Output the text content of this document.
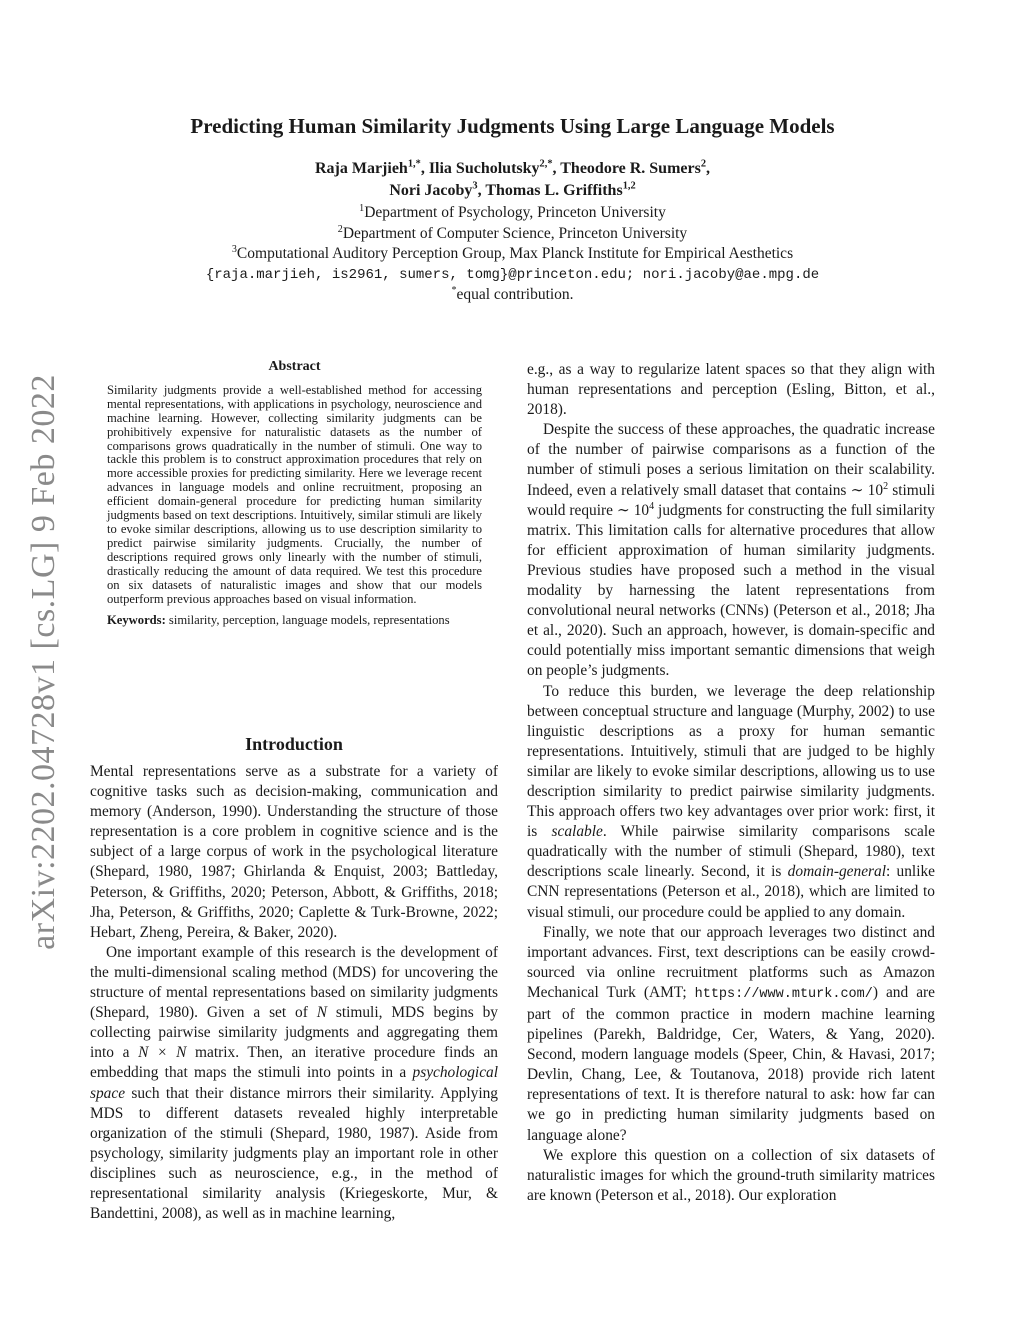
arXiv:2202.04728v1 [cs.LG] 9 Feb 2022
Predicting Human Similarity Judgments Using Large Language Models
Raja Marjieh$^{1,*}$, Ilia Sucholutsky$^{2,*}$, Theodore R. Sumers$^2$,
Nori Jacoby$^3$, Thomas L. Griffiths$^{1,2}$
$^1$Department of Psychology, Princeton University
$^2$Department of Computer Science, Princeton University
$^3$Computational Auditory Perception Group, Max Planck Institute for Empirical Aesthetics
{raja.marjieh, is2961, sumers, tomg}@princeton.edu; nori.jacoby@ae.mpg.de
*equal contribution.
Abstract

Similarity judgments provide a well-established method for accessing mental representations, with applications in psychology, neuroscience and machine learning. However, collecting similarity judgments can be prohibitively expensive for naturalistic datasets as the number of comparisons grows quadratically in the number of stimuli. One way to tackle this problem is to construct approximation procedures that rely on more accessible proxies for predicting similarity. Here we leverage recent advances in language models and online recruitment, proposing an efficient domain-general procedure for predicting human similarity judgments based on text descriptions. Intuitively, similar stimuli are likely to evoke similar descriptions, allowing us to use description similarity to predict pairwise similarity judgments. Crucially, the number of descriptions required grows only linearly with the number of stimuli, drastically reducing the amount of data required. We test this procedure on six datasets of naturalistic images and show that our models outperform previous approaches based on visual information.

Keywords: similarity, perception, language models, representations

Introduction

Mental representations serve as a substrate for a variety of cognitive tasks such as decision-making, communication and memory (Anderson, 1990). Understanding the structure of those representation is a core problem in cognitive science and is the subject of a large corpus of work in the psychological literature (Shepard, 1980, 1987; Ghirlanda & Enquist, 2003; Battleday, Peterson, & Griffiths, 2020; Peterson, Abbott, & Griffiths, 2018; Jha, Peterson, & Griffiths, 2020; Caplette & Turk-Browne, 2022; Hebart, Zheng, Pereira, & Baker, 2020).

One important example of this research is the development of the multi-dimensional scaling method (MDS) for uncovering the structure of mental representations based on similarity judgments (Shepard, 1980). Given a set of N stimuli, MDS begins by collecting pairwise similarity judgments and aggregating them into a N × N matrix. Then, an iterative procedure finds an embedding that maps the stimuli into points in a psychological space such that their distance mirrors their similarity. Applying MDS to different datasets revealed highly interpretable organization of the stimuli (Shepard, 1980, 1987). Aside from psychology, similarity judgments play an important role in other disciplines such as neuroscience, e.g., in the method of representational similarity analysis (Kriegeskorte, Mur, & Bandettini, 2008), as well as in machine learning,

e.g., as a way to regularize latent spaces so that they align with human representations and perception (Esling, Bitton, et al., 2018).

Despite the success of these approaches, the quadratic increase of the number of pairwise comparisons as a function of the number of stimuli poses a serious limitation on their scalability. Indeed, even a relatively small dataset that contains ∼ $10^2$ stimuli would require ∼ $10^4$ judgments for constructing the full similarity matrix. This limitation calls for alternative procedures that allow for efficient approximation of human similarity judgments. Previous studies have proposed such a method in the visual modality by harnessing the latent representations from convolutional neural networks (CNNs) (Peterson et al., 2018; Jha et al., 2020). Such an approach, however, is domain-specific and could potentially miss important semantic dimensions that weigh on people’s judgments.

To reduce this burden, we leverage the deep relationship between conceptual structure and language (Murphy, 2002) to use linguistic descriptions as a proxy for human semantic representations. Intuitively, stimuli that are judged to be highly similar are likely to evoke similar descriptions, allowing us to use description similarity to predict pairwise similarity judgments. This approach offers two key advantages over prior work: first, it is scalable. While pairwise similarity comparisons scale quadratically with the number of stimuli (Shepard, 1980), text descriptions scale linearly. Second, it is domain-general: unlike CNN representations (Peterson et al., 2018), which are limited to visual stimuli, our procedure could be applied to any domain.

Finally, we note that our approach leverages two distinct and important advances. First, text descriptions can be easily crowd-sourced via online recruitment platforms such as Amazon Mechanical Turk (AMT; https://www.mturk.com/) and are part of the common practice in modern machine learning pipelines (Parekh, Baldridge, Cer, Waters, & Yang, 2020). Second, modern language models (Speer, Chin, & Havasi, 2017; Devlin, Chang, Lee, & Toutanova, 2018) provide rich latent representations of text. It is therefore natural to ask: how far can we go in predicting human similarity judgments based on language alone?

We explore this question on a collection of six datasets of naturalistic images for which the ground-truth similarity matrices are known (Peterson et al., 2018). Our exploration
